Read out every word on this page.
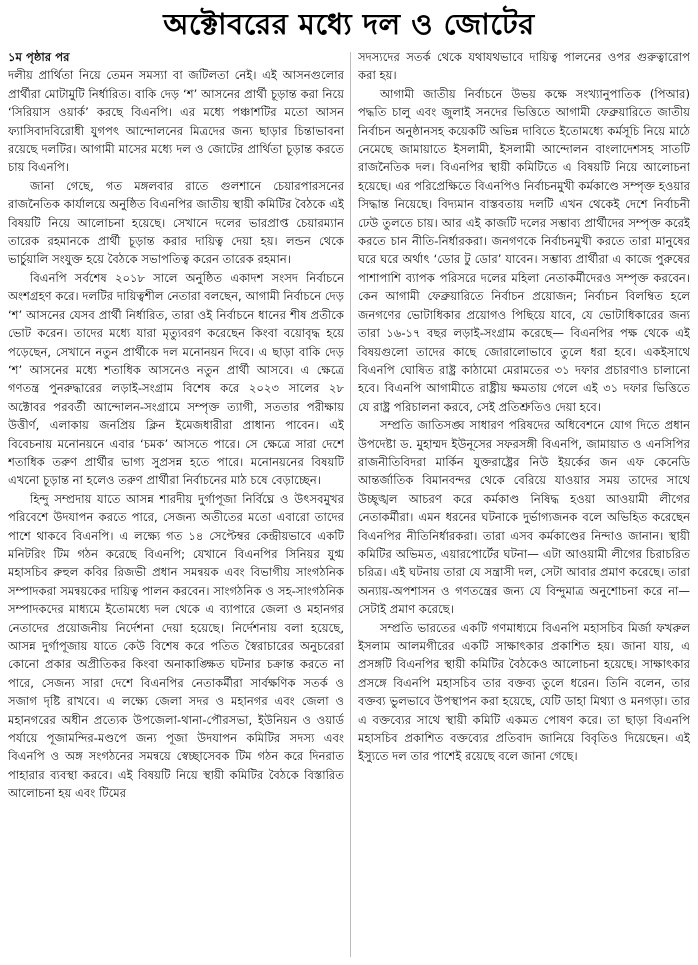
অক্টোবরের মধ্যে দল ও জোটের

১ম পৃষ্ঠার পর

দলীয় প্রার্থিতা নিয়ে তেমন সমস্যা বা জটিলতা নেই। এই আসনগুলোর প্রার্থীরা মোটামুটি নির্ধারিত। বাকি দেড় ‘শ’ আসনের প্রার্থী চূড়ান্ত করা নিয়ে ‘সিরিয়াস ওয়ার্ক’ করছে বিএনপি। এর মধ্যে পঞ্চাশটির মতো আসন ফ্যাসিবাদবিরোধী যুগপৎ আন্দোলনের মিত্রদের জন্য ছাড়ার চিন্তাভাবনা রয়েছে দলটির। আগামী মাসের মধ্যে দল ও জোটের প্রার্থিতা চূড়ান্ত করতে চায় বিএনপি।

জানা গেছে, গত মঙ্গলবার রাতে গুলশানে চেয়ারপারসনের রাজনৈতিক কার্যালয়ে অনুষ্ঠিত বিএনপির জাতীয় স্থায়ী কমিটির বৈঠকে এই বিষয়টি নিয়ে আলোচনা হয়েছে। সেখানে দলের ভারপ্রাপ্ত চেয়ারম্যান তারেক রহমানকে প্রার্থী চূড়ান্ত করার দায়িত্ব দেয়া হয়। লন্ডন থেকে ভার্চুয়ালি সংযুক্ত হয়ে বৈঠকে সভাপতিত্ব করেন তারেক রহমান।

বিএনপি সর্বশেষ ২০১৮ সালে অনুষ্ঠিত একাদশ সংসদ নির্বাচনে অংশগ্রহণ করে। দলটির দায়িত্বশীল নেতারা বলছেন, আগামী নির্বাচনে দেড় ‘শ’ আসনের যেসব প্রার্থী নির্ধারিত, তারা ওই নির্বাচনে ধানের শীষ প্রতীকে ভোট করেন। তাদের মধ্যে যারা মৃত্যুবরণ করেছেন কিংবা বয়োবৃদ্ধ হয়ে পড়েছেন, সেখানে নতুন প্রার্থীকে দল মনোনয়ন দিবে। এ ছাড়া বাকি দেড় ‘শ’ আসনের মধ্যে শতাধিক আসনেও নতুন প্রার্থী আসবে। এ ক্ষেত্রে গণতন্ত্র পুনরুদ্ধারের লড়াই-সংগ্রাম বিশেষ করে ২০২৩ সালের ২৮ অক্টোবর পরবর্তী আন্দোলন-সংগ্রামে সম্পৃক্ত ত্যাগী, সততার পরীক্ষায় উত্তীর্ণ, এলাকায় জনপ্রিয় ক্লিন ইমেজধারীরা প্রাধান্য পাবেন। এই বিবেচনায় মনোনয়নে এবার ‘চমক’ আসতে পারে। সে ক্ষেত্রে সারা দেশে শতাধিক তরুণ প্রার্থীর ভাগ্য সুপ্রসন্ন হতে পারে। মনোনয়নের বিষয়টি এখনো চূড়ান্ত না হলেও তরুণ প্রার্থীরা নির্বাচনের মাঠ চষে বেড়াচ্ছেন।

হিন্দু সম্প্রদায় যাতে আসন্ন শারদীয় দুর্গাপূজা নির্বিঘ্নে ও উৎসবমুখর পরিবেশে উদযাপন করতে পারে, সেজন্য অতীতের মতো এবারো তাদের পাশে থাকবে বিএনপি। এ লক্ষ্যে গত ১৪ সেপ্টেম্বর কেন্দ্রীয়ভাবে একটি মনিটরিং টিম গঠন করেছে বিএনপি; যেখানে বিএনপির সিনিয়র যুগ্ম মহাসচিব রুহুল কবির রিজভী প্রধান সমন্বয়ক এবং বিভাগীয় সাংগঠনিক সম্পাদকরা সমন্বয়কের দায়িত্ব পালন করবেন। সাংগঠনিক ও সহ-সাংগঠনিক সম্পাদকদের মাধ্যমে ইতোমধ্যে দল থেকে এ ব্যাপারে জেলা ও মহানগর নেতাদের প্রয়োজনীয় নির্দেশনা দেয়া হয়েছে। নির্দেশনায় বলা হয়েছে, আসন্ন দুর্গাপূজায় যাতে কেউ বিশেষ করে পতিত স্বৈরাচারের অনুচরেরা কোনো প্রকার অপ্রীতিকর কিংবা অনাকাঙ্ক্ষিত ঘটনার চক্রান্ত করতে না পারে, সেজন্য সারা দেশে বিএনপির নেতাকর্মীরা সার্বক্ষণিক সতর্ক ও সজাগ দৃষ্টি রাখবে। এ লক্ষ্যে জেলা সদর ও মহানগর এবং জেলা ও মহানগরের অধীন প্রত্যেক উপজেলা-থানা-পৌরসভা, ইউনিয়ন ও ওয়ার্ড পর্যায়ে পূজামন্দির-মণ্ডপে জন্য পূজা উদযাপন কমিটির সদস্য এবং বিএনপি ও অঙ্গ সংগঠনের সমন্বয়ে স্বেচ্ছাসেবক টিম গঠন করে দিনরাত পাহারার ব্যবস্থা করবে। এই বিষয়টি নিয়ে স্থায়ী কমিটির বৈঠকে বিস্তারিত আলোচনা হয় এবং টিমের

সদস্যদের সতর্ক থেকে যথাযথভাবে দায়িত্ব পালনের ওপর গুরুত্বারোপ করা হয়।

আগামী জাতীয় নির্বাচনে উভয় কক্ষে সংখ্যানুপাতিক (পিআর) পদ্ধতি চালু এবং জুলাই সনদের ভিত্তিতে আগামী ফেব্রুয়ারিতে জাতীয় নির্বাচন অনুষ্ঠানসহ কয়েকটি অভিন্ন দাবিতে ইতোমধ্যে কর্মসূচি নিয়ে মাঠে নেমেছে জামায়াতে ইসলামী, ইসলামী আন্দোলন বাংলাদেশসহ সাতটি রাজনৈতিক দল। বিএনপির স্থায়ী কমিটিতে এ বিষয়টি নিয়ে আলোচনা হয়েছে। এর পরিপ্রেক্ষিতে বিএনপিও নির্বাচনমুখী কর্মকাণ্ডে সম্পৃক্ত হওয়ার সিদ্ধান্ত নিয়েছে। বিদ্যমান বাস্তবতায় দলটি এখন থেকেই দেশে নির্বাচনী ঢেউ তুলতে চায়। আর এই কাজটি দলের সম্ভাব্য প্রার্থীদের সম্পৃক্ত করেই করতে চান নীতি-নির্ধারকরা। জনগণকে নির্বাচনমুখী করতে তারা মানুষের ঘরে ঘরে অর্থাৎ ‘ডোর টু ডোর’ যাবেন। সম্ভাব্য প্রার্থীরা এ কাজে পুরুষের পাশাপাশি ব্যাপক পরিসরে দলের মহিলা নেতাকর্মীদেরও সম্পৃক্ত করবেন। কেন আগামী ফেব্রুয়ারিতে নির্বাচন প্রয়োজন; নির্বাচন বিলম্বিত হলে জনগণের ভোটাধিকার প্রয়োগও পিছিয়ে যাবে, যে ভোটাধিকারের জন্য তারা ১৬-১৭ বছর লড়াই-সংগ্রাম করেছে— বিএনপির পক্ষ থেকে এই বিষয়গুলো তাদের কাছে জোরালোভাবে তুলে ধরা হবে। একইসাথে বিএনপি ঘোষিত রাষ্ট্র কাঠামো মেরামতের ৩১ দফার প্রচারণাও চালানো হবে। বিএনপি আগামীতে রাষ্ট্রীয় ক্ষমতায় গেলে এই ৩১ দফার ভিত্তিতে যে রাষ্ট্র পরিচালনা করবে, সেই প্রতিশ্রুতিও দেয়া হবে।

সম্প্রতি জাতিসঙ্ঘ সাধারণ পরিষদের অধিবেশনে যোগ দিতে প্রধান উপদেষ্টা ড. মুহাম্মদ ইউনূসের সফরসঙ্গী বিএনপি, জামায়াত ও এনসিপির রাজনীতিবিদরা মার্কিন যুক্তরাষ্ট্রের নিউ ইয়র্কের জন এফ কেনেডি আন্তর্জাতিক বিমানবন্দর থেকে বেরিয়ে যাওয়ার সময় তাদের সাথে উচ্ছৃঙ্খল আচরণ করে কর্মকাণ্ড নিষিদ্ধ হওয়া আওয়ামী লীগের নেতাকর্মীরা। এমন ধরনের ঘটনাকে দুর্ভাগ্যজনক বলে অভিহিত করেছেন বিএনপির নীতিনির্ধারকরা। তারা এসব কর্মকাণ্ডের নিন্দাও জানান। স্থায়ী কমিটির অভিমত, এয়ারপোর্টের ঘটনা— এটা আওয়ামী লীগের চিরাচরিত চরিত্র। এই ঘটনায় তারা যে সন্ত্রাসী দল, সেটা আবার প্রমাণ করেছে। তারা অন্যায়-অপশাসন ও গণতন্ত্রের জন্য যে বিন্দুমাত্র অনুশোচনা করে না— সেটাই প্রমাণ করেছে।

সম্প্রতি ভারতের একটি গণমাধ্যমে বিএনপি মহাসচিব মির্জা ফখরুল ইসলাম আলমগীরের একটি সাক্ষাৎকার প্রকাশিত হয়। জানা যায়, এ প্রসঙ্গটি বিএনপির স্থায়ী কমিটির বৈঠকেও আলোচনা হয়েছে। সাক্ষাৎকার প্রসঙ্গে বিএনপি মহাসচিব তার বক্তব্য তুলে ধরেন। তিনি বলেন, তার বক্তব্য ভুলভাবে উপস্থাপন করা হয়েছে, যেটি ডাহা মিথ্যা ও মনগড়া। তার এ বক্তব্যের সাথে স্থায়ী কমিটি একমত পোষণ করে। তা ছাড়া বিএনপি মহাসচিব প্রকাশিত বক্তব্যের প্রতিবাদ জানিয়ে বিবৃতিও দিয়েছেন। এই ইস্যুতে দল তার পাশেই রয়েছে বলে জানা গেছে।
